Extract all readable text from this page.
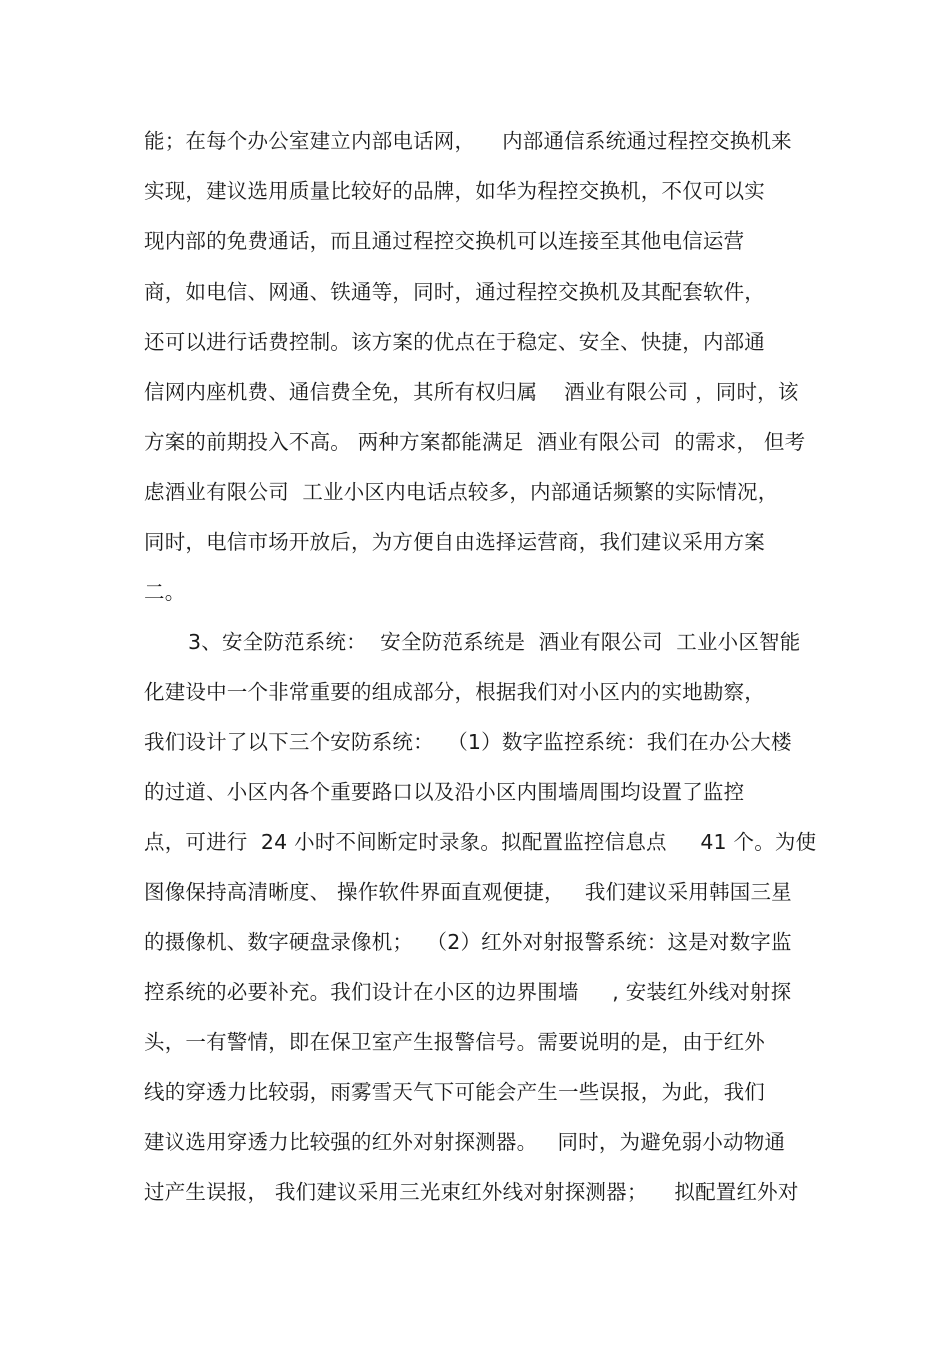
能；在每个办公室建立内部电话网，    内部通信系统通过程控交换机来

实现，建议选用质量比较好的品牌，如华为程控交换机，不仅可以实

现内部的免费通话，而且通过程控交换机可以连接至其他电信运营

商，如电信、网通、铁通等，同时，通过程控交换机及其配套软件，

还可以进行话费控制。该方案的优点在于稳定、安全、快捷，内部通

信网内座机费、通信费全免，其所有权归属    酒业有限公司 ，同时，该

方案的前期投入不高。 两种方案都能满足  酒业有限公司  的需求， 但考

虑酒业有限公司  工业小区内电话点较多，内部通话频繁的实际情况，

同时，电信市场开放后，为方便自由选择运营商，我们建议采用方案

二。

3、安全防范系统：  安全防范系统是  酒业有限公司  工业小区智能

化建设中一个非常重要的组成部分，根据我们对小区内的实地勘察，

我们设计了以下三个安防系统：  （1）数字监控系统：我们在办公大楼

的过道、小区内各个重要路口以及沿小区内围墙周围均设置了监控

点，可进行  24 小时不间断定时录象。拟配置监控信息点     41 个。为使

图像保持高清晰度、 操作软件界面直观便捷，   我们建议采用韩国三星

的摄像机、数字硬盘录像机；  （2）红外对射报警系统：这是对数字监

控系统的必要补充。我们设计在小区的边界围墙     , 安装红外线对射探

头，一有警情，即在保卫室产生报警信号。需要说明的是，由于红外

线的穿透力比较弱，雨雾雪天气下可能会产生一些误报，为此，我们

建议选用穿透力比较强的红外对射探测器。   同时，为避免弱小动物通

过产生误报， 我们建议采用三光束红外线对射探测器；    拟配置红外对
